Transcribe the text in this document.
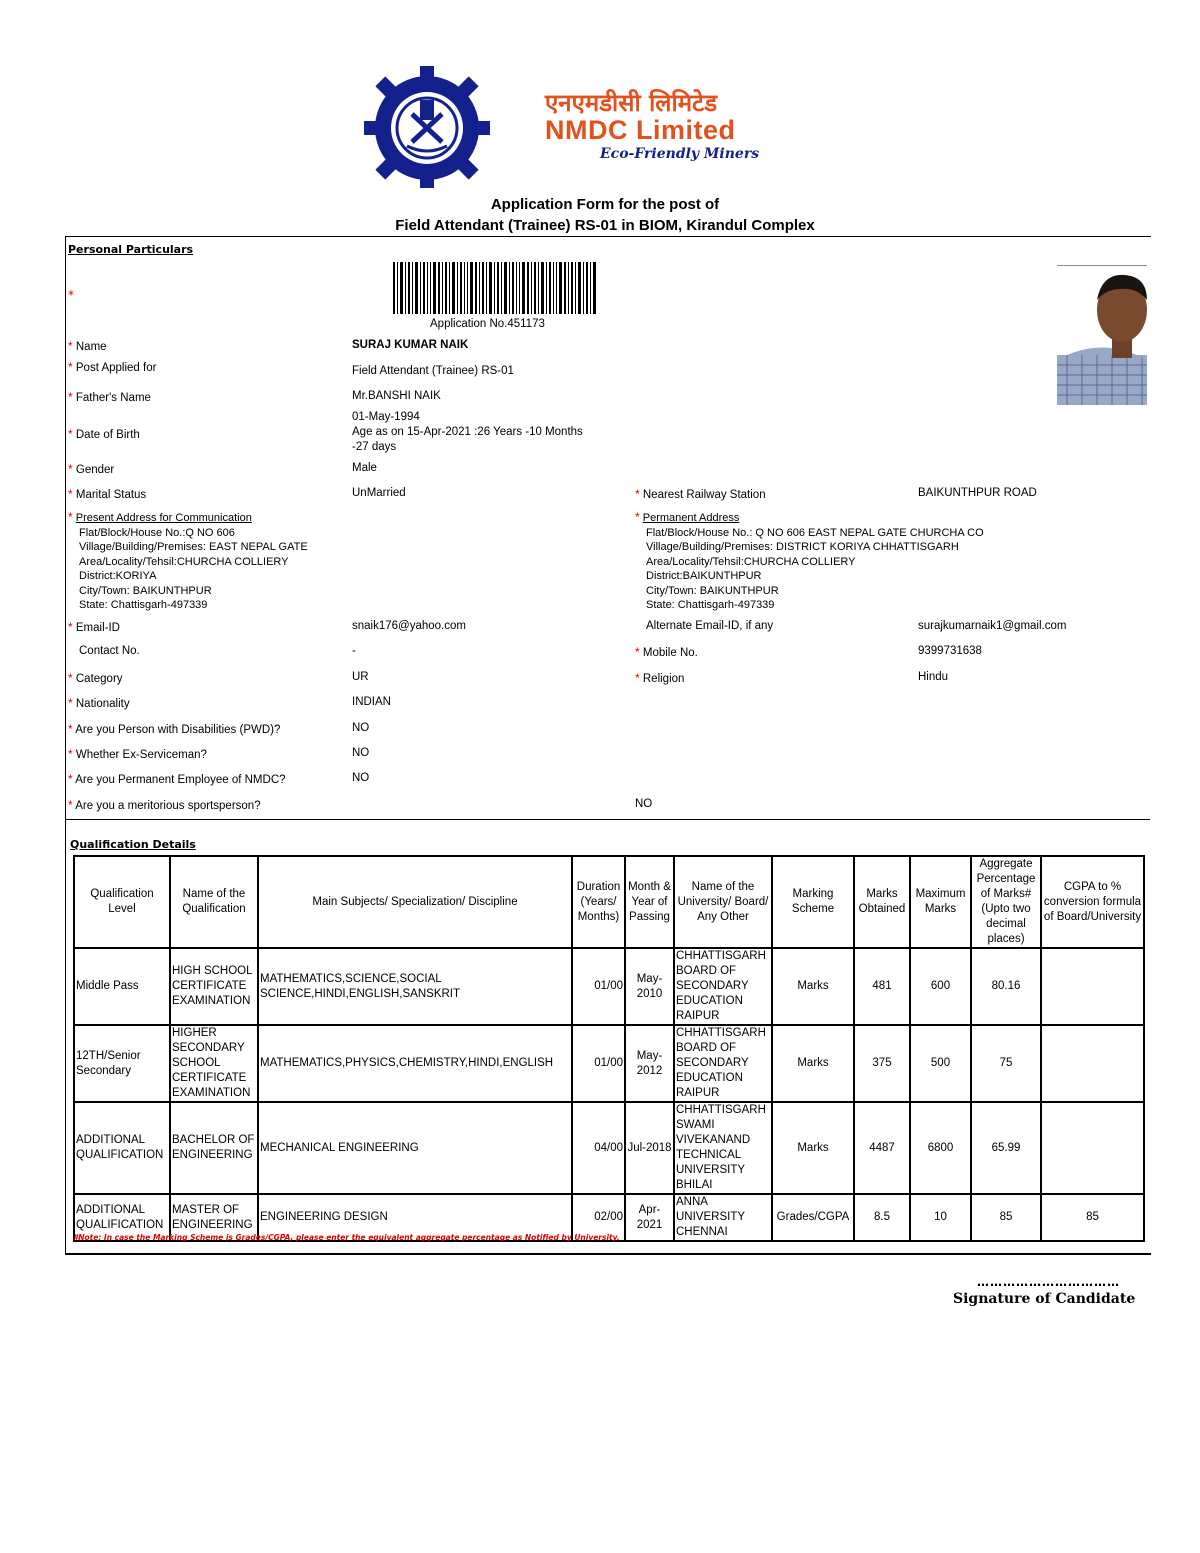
एनएमडीसी लिमिटेड
NMDC Limited
Eco-Friendly Miners
Application Form for the post of
Field Attendant (Trainee) RS-01 in BIOM, Kirandul Complex
Personal Particulars
*
Application No.451173
* Name	SURAJ KUMAR NAIK
* Post Applied for	Field Attendant (Trainee) RS-01
* Father's Name	Mr.BANSHI NAIK
* Date of Birth
01-May-1994
Age as on 15-Apr-2021 :26 Years -10 Months
-27 days
* Gender	Male
* Marital Status	UnMarried	* Nearest Railway Station	BAIKUNTHPUR ROAD
* Present Address for Communication
Flat/Block/House No.:Q NO 606
Village/Building/Premises: EAST NEPAL GATE
Area/Locality/Tehsil:CHURCHA COLLIERY
District:KORIYA
City/Town: BAIKUNTHPUR
State: Chattisgarh-497339
* Permanent Address
Flat/Block/House No.: Q NO 606 EAST NEPAL GATE CHURCHA CO
Village/Building/Premises: DISTRICT KORIYA CHHATTISGARH
Area/Locality/Tehsil:CHURCHA COLLIERY
District:BAIKUNTHPUR
City/Town: BAIKUNTHPUR
State: Chattisgarh-497339
* Email-ID	snaik176@yahoo.com	Alternate Email-ID, if any	surajkumarnaik1@gmail.com
Contact No.	-	* Mobile No.	9399731638
* Category	UR	* Religion	Hindu
* Nationality	INDIAN
* Are you Person with Disabilities (PWD)?	NO
* Whether Ex-Serviceman?	NO
* Are you Permanent Employee of NMDC?	NO
* Are you a meritorious sportsperson?	NO
Qualification Details
Qualification Level	Name of the Qualification	Main Subjects/ Specialization/ Discipline	Duration (Years/ Months)	Month & Year of Passing	Name of the University/ Board/ Any Other	Marking Scheme	Marks Obtained	Maximum Marks	Aggregate Percentage of Marks# (Upto two decimal places)	CGPA to % conversion formula of Board/University
Middle Pass	HIGH SCHOOL CERTIFICATE EXAMINATION	MATHEMATICS,SCIENCE,SOCIAL SCIENCE,HINDI,ENGLISH,SANSKRIT	01/00	May-2010	CHHATTISGARH BOARD OF SECONDARY EDUCATION RAIPUR	Marks	481	600	80.16	
12TH/Senior Secondary	HIGHER SECONDARY SCHOOL CERTIFICATE EXAMINATION	MATHEMATICS,PHYSICS,CHEMISTRY,HINDI,ENGLISH	01/00	May-2012	CHHATTISGARH BOARD OF SECONDARY EDUCATION RAIPUR	Marks	375	500	75	
ADDITIONAL QUALIFICATION	BACHELOR OF ENGINEERING	MECHANICAL ENGINEERING	04/00	Jul-2018	CHHATTISGARH SWAMI VIVEKANAND TECHNICAL UNIVERSITY BHILAI	Marks	4487	6800	65.99	
ADDITIONAL QUALIFICATION	MASTER OF ENGINEERING	ENGINEERING DESIGN	02/00	Apr-2021	ANNA UNIVERSITY CHENNAI	Grades/CGPA	8.5	10	85	85
#Note: In case the Marking Scheme is Grades/CGPA, please enter the equivalent aggregate percentage as Notified by University.
……………………………
Signature of Candidate
